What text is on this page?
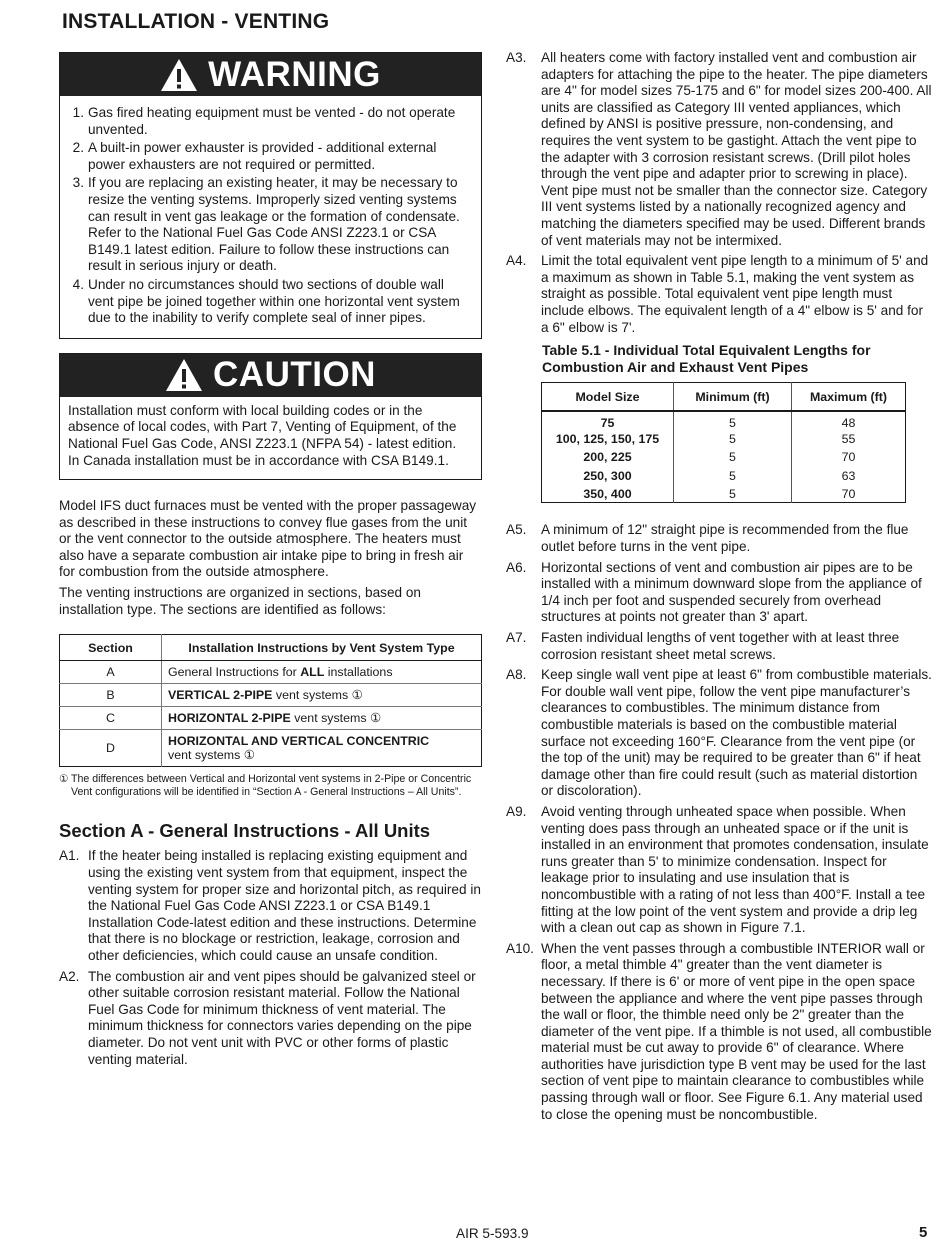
INSTALLATION - VENTING
WARNING
1. Gas fired heating equipment must be vented - do not operate unvented.
2. A built-in power exhauster is provided - additional external power exhausters are not required or permitted.
3. If you are replacing an existing heater, it may be necessary to resize the venting systems. Improperly sized venting systems can result in vent gas leakage or the formation of condensate. Refer to the National Fuel Gas Code ANSI Z223.1 or CSA B149.1 latest edition. Failure to follow these instructions can result in serious injury or death.
4. Under no circumstances should two sections of double wall vent pipe be joined together within one horizontal vent system due to the inability to verify complete seal of inner pipes.
CAUTION

Installation must conform with local building codes or in the absence of local codes, with Part 7, Venting of Equipment, of the National Fuel Gas Code, ANSI Z223.1 (NFPA 54) - latest edition. In Canada installation must be in accordance with CSA B149.1.

Model IFS duct furnaces must be vented with the proper passageway as described in these instructions to convey flue gases from the unit or the vent connector to the outside atmosphere. The heaters must also have a separate combustion air intake pipe to bring in fresh air for combustion from the outside atmosphere.

The venting instructions are organized in sections, based on installation type. The sections are identified as follows:

Section	Installation Instructions by Vent System Type
A	General Instructions for ALL installations
B	VERTICAL 2-PIPE vent systems ①
C	HORIZONTAL 2-PIPE vent systems ①
D	HORIZONTAL AND VERTICAL CONCENTRIC
vent systems ①
① The differences between Vertical and Horizontal vent systems in 2-Pipe or Concentric Vent configurations will be identified in “Section A - General Instructions – All Units”.
Section A - General Instructions - All Units
A1. If the heater being installed is replacing existing equipment and using the existing vent system from that equipment, inspect the venting system for proper size and horizontal pitch, as required in the National Fuel Gas Code ANSI Z223.1 or CSA B149.1 Installation Code-latest edition and these instructions. Determine that there is no blockage or restriction, leakage, corrosion and other deficiencies, which could cause an unsafe condition.
A2. The combustion air and vent pipes should be galvanized steel or other suitable corrosion resistant material. Follow the National Fuel Gas Code for minimum thickness of vent material. The minimum thickness for connectors varies depending on the pipe diameter. Do not vent unit with PVC or other forms of plastic venting material.
A3.	All heaters come with factory installed vent and combustion air adapters for attaching the pipe to the heater. The pipe diameters are 4" for model sizes 75-175 and 6" for model sizes 200-400. All units are classified as Category III vented appliances, which defined by ANSI is positive pressure, non-condensing, and requires the vent system to be gastight. Attach the vent pipe to the adapter with 3 corrosion resistant screws. (Drill pilot holes through the vent pipe and adapter prior to screwing in place). Vent pipe must not be smaller than the connector size. Category III vent systems listed by a nationally recognized agency and matching the diameters specified may be used. Different brands of vent materials may not be intermixed.
A4.	Limit the total equivalent vent pipe length to a minimum of 5' and a maximum as shown in Table 5.1, making the vent system as straight as possible. Total equivalent vent pipe length must include elbows. The equivalent length of a 4" elbow is 5' and for a 6" elbow is 7'.
Table 5.1 - Individual Total Equivalent Lengths for Combustion Air and Exhaust Vent Pipes
Model Size	Minimum (ft)	Maximum (ft)
75	5	48
100, 125, 150, 175	5	55
200, 225	5	70
250, 300	5	63
350, 400	5	70
A5.	A minimum of 12" straight pipe is recommended from the flue outlet before turns in the vent pipe.
A6.	Horizontal sections of vent and combustion air pipes are to be installed with a minimum downward slope from the appliance of 1/4 inch per foot and suspended securely from overhead structures at points not greater than 3' apart.
A7.	Fasten individual lengths of vent together with at least three corrosion resistant sheet metal screws.
A8.	Keep single wall vent pipe at least 6" from combustible materials. For double wall vent pipe, follow the vent pipe manufacturer’s clearances to combustibles. The minimum distance from combustible materials is based on the combustible material surface not exceeding 160°F. Clearance from the vent pipe (or the top of the unit) may be required to be greater than 6" if heat damage other than fire could result (such as material distortion or discoloration).
A9.	Avoid venting through unheated space when possible. When venting does pass through an unheated space or if the unit is installed in an environment that promotes condensation, insulate runs greater than 5' to minimize condensation. Inspect for leakage prior to insulating and use insulation that is noncombustible with a rating of not less than 400°F. Install a tee fitting at the low point of the vent system and provide a drip leg with a clean out cap as shown in Figure 7.1.
A10. When the vent passes through a combustible INTERIOR wall or floor, a metal thimble 4" greater than the vent diameter is necessary. If there is 6' or more of vent pipe in the open space between the appliance and where the vent pipe passes through the wall or floor, the thimble need only be 2" greater than the diameter of the vent pipe. If a thimble is not used, all combustible material must be cut away to provide 6" of clearance. Where authorities have jurisdiction type B vent may be used for the last section of vent pipe to maintain clearance to combustibles while passing through wall or floor. See Figure 6.1. Any material used to close the opening must be noncombustible.
AIR 5-593.9	5
